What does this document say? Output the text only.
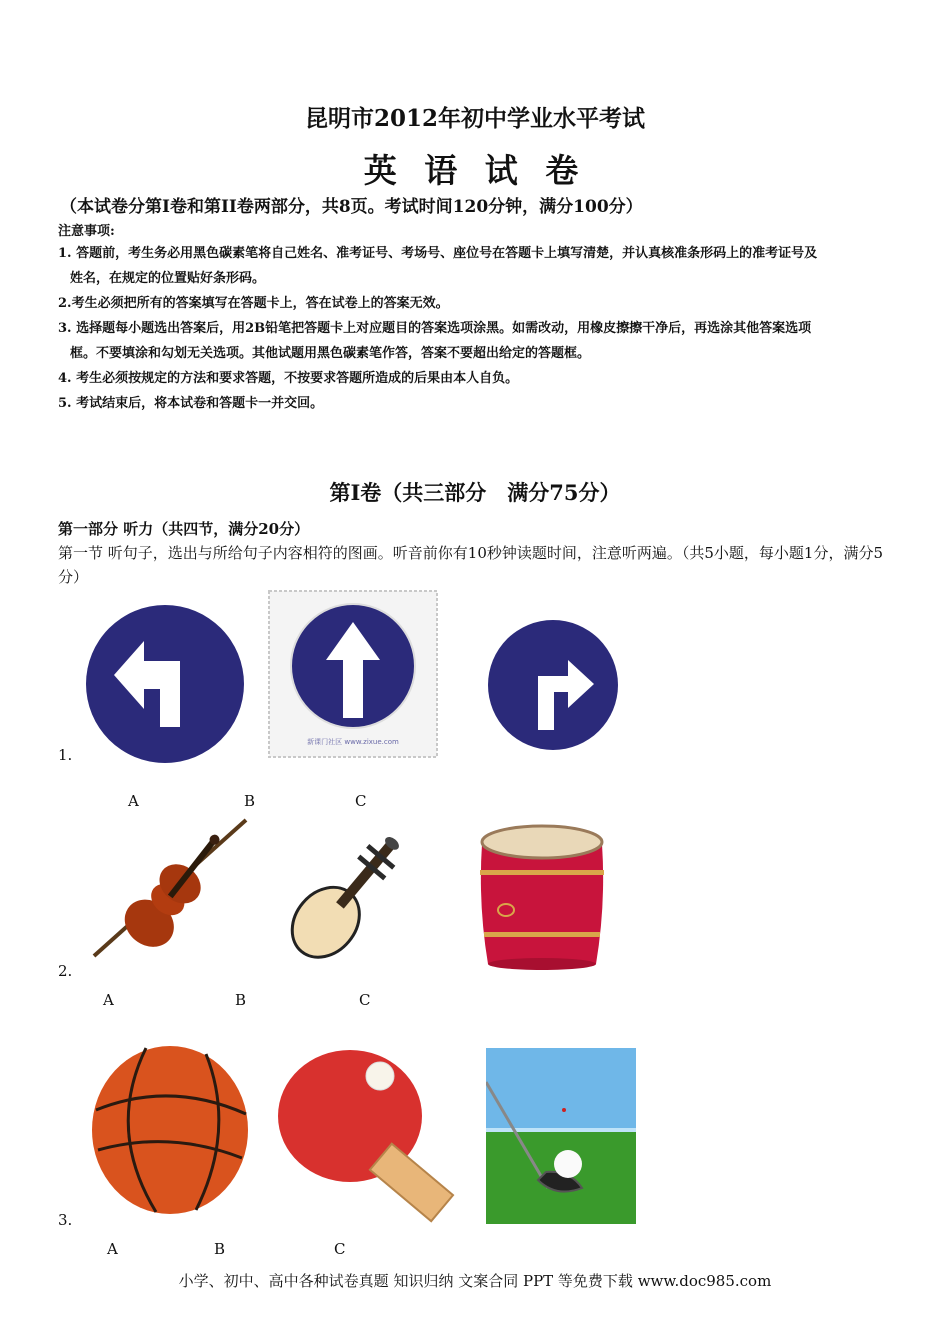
昆明市2012年初中学业水平考试
英 语 试 卷
（本试卷分第I卷和第II卷两部分，共8页。考试时间120分钟，满分100分）
注意事项:
1. 答题前，考生务必用黑色碳素笔将自己姓名、准考证号、考场号、座位号在答题卡上填写清楚，并认真核准条形码上的准考证号及
姓名，在规定的位置贴好条形码。
2.考生必须把所有的答案填写在答题卡上，答在试卷上的答案无效。
3. 选择题每小题选出答案后，用2B铅笔把答题卡上对应题目的答案选项涂黑。如需改动，用橡皮擦擦干净后，再选涂其他答案选项
框。不要填涂和勾划无关选项。其他试题用黑色碳素笔作答，答案不要超出给定的答题框。
4. 考生必须按规定的方法和要求答题，不按要求答题所造成的后果由本人自负。
5. 考试结束后，将本试卷和答题卡一并交回。
第I卷（共三部分　满分75分）
第一部分 听力（共四节，满分20分）
第一节 听句子，选出与所给句子内容相符的图画。听音前你有10秒钟读题时间，注意听两遍。（共5小题，每小题1分，满分5分）
新课门社区 www.zixue.com
1.
A	B	C
2.
A	B	C
3.
A	B	C
小学、初中、高中各种试卷真题 知识归纳 文案合同 PPT 等免费下载 www.doc985.com
